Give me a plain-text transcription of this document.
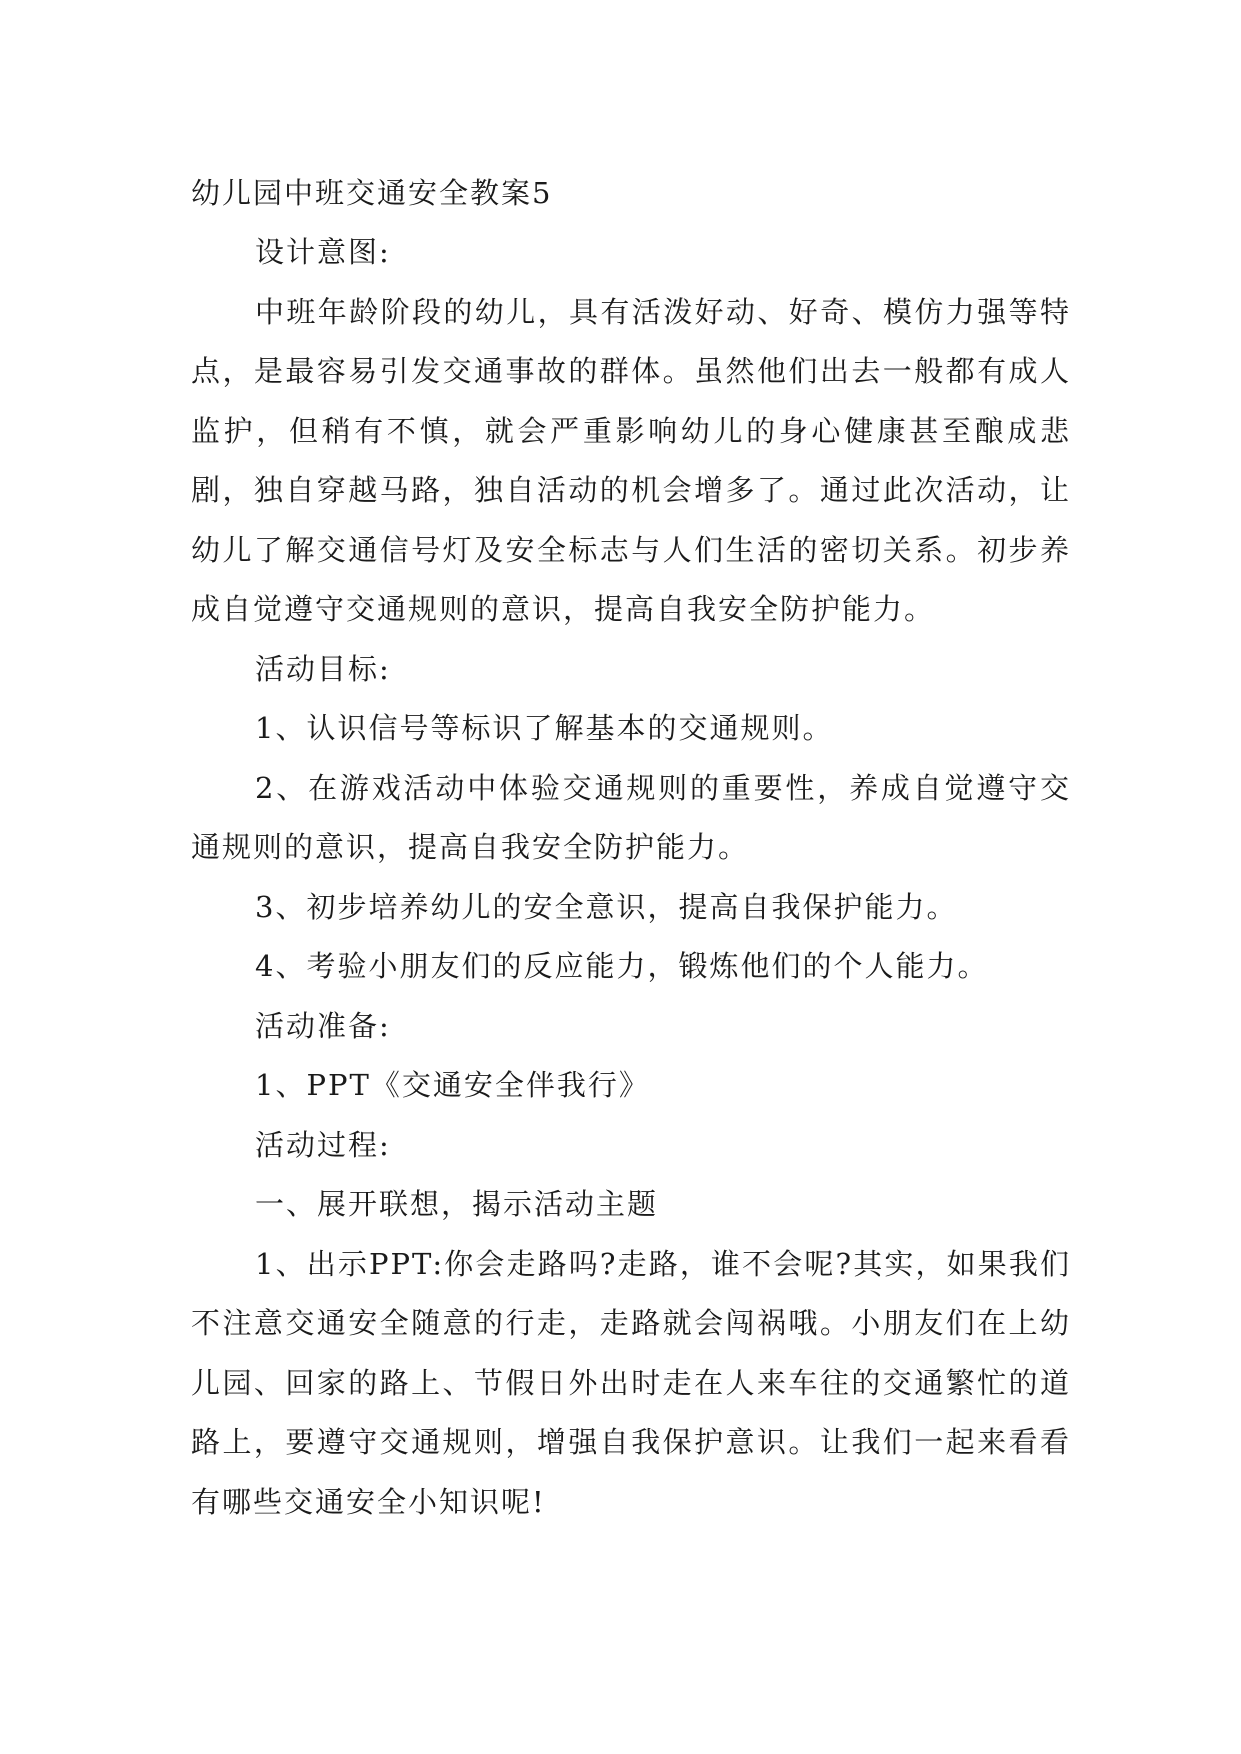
幼儿园中班交通安全教案5

设计意图:

中班年龄阶段的幼儿，具有活泼好动、好奇、模仿力强等特点，是最容易引发交通事故的群体。虽然他们出去一般都有成人监护，但稍有不慎，就会严重影响幼儿的身心健康甚至酿成悲剧，独自穿越马路，独自活动的机会增多了。通过此次活动，让幼儿了解交通信号灯及安全标志与人们生活的密切关系。初步养成自觉遵守交通规则的意识，提高自我安全防护能力。

活动目标:

1、认识信号等标识了解基本的交通规则。

2、在游戏活动中体验交通规则的重要性，养成自觉遵守交通规则的意识，提高自我安全防护能力。

3、初步培养幼儿的安全意识，提高自我保护能力。

4、考验小朋友们的反应能力，锻炼他们的个人能力。

活动准备:

1、PPT《交通安全伴我行》

活动过程:

一、展开联想，揭示活动主题

1、出示PPT:你会走路吗?走路，谁不会呢?其实，如果我们不注意交通安全随意的行走，走路就会闯祸哦。小朋友们在上幼儿园、回家的路上、节假日外出时走在人来车往的交通繁忙的道路上，要遵守交通规则，增强自我保护意识。让我们一起来看看有哪些交通安全小知识呢!
